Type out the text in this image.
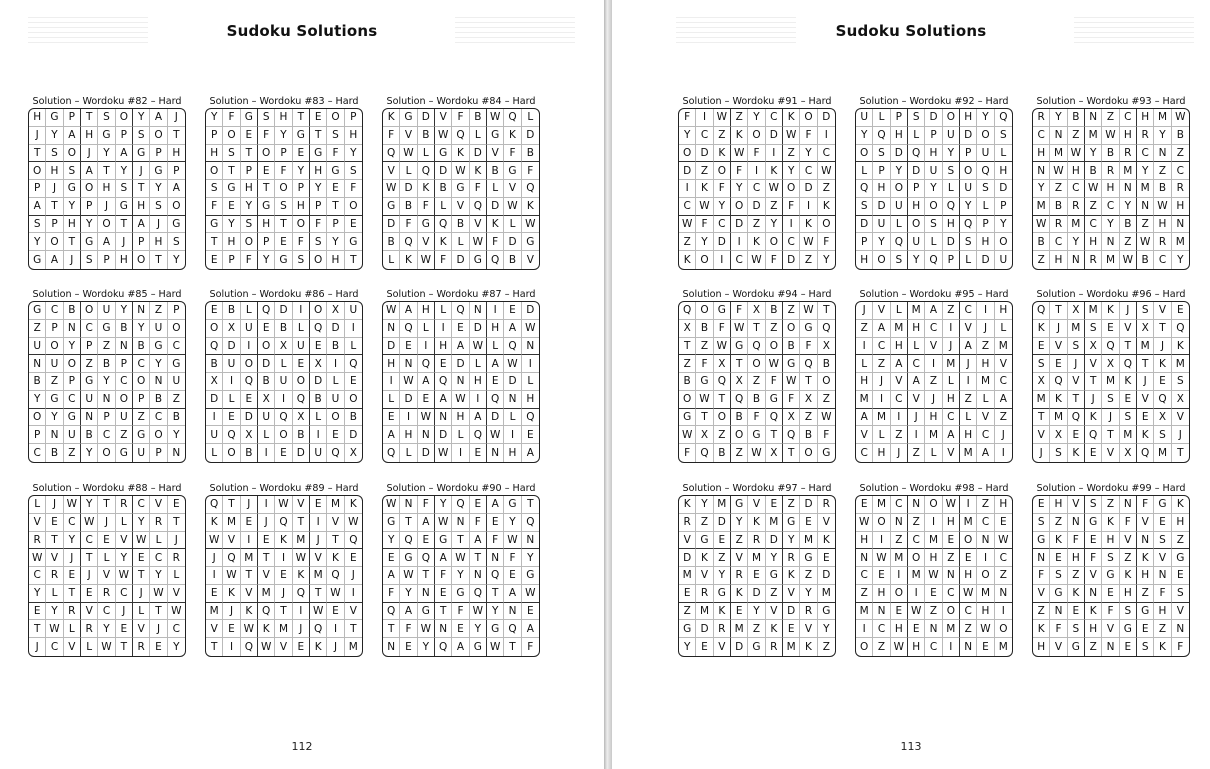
Sudoku Solutions
112
Solution – Wordoku #82 – Hard
H G P	T	S O Y	A	J
J	Y	A H G P	S O T
T	S O	J	Y	A G P	H
O H S A	T	Y	J	G	P
P	J	G O H S	T	Y	A
A	T	Y	P	J	G H S O
S	P H Y O T	A	J	G
Y O T G A	J	P H	S
G A	J	S	P H O T	Y
Solution – Wordoku #83 – Hard
Y	F G S H T	E O	P
P O E	F	Y G T	S	H
H S	T O P	E G F	Y
O T	P	E	F	Y H G S
S G H T O P	Y	E	F
F	E	Y G S H P	T O
G Y	S H T O F	P	E
T H O P	E	F	S	Y	G
E	P	F	Y G S O H	T
Solution – Wordoku #84 – Hard
K G D V	F	B W Q	L
F	V B W Q L G K D
Q W L G K D V	F	B
V	L Q D W K B G	F
W D K B G F	L	V Q
G B	F	L	V Q D W K
D F G Q B V K	L W
B Q V K	L W F D G
L	K W F D G Q B	V
Solution – Wordoku #85 – Hard
G C B O U Y N Z	P
Z	P N C G B	Y U O
U O Y	P	Z N B G C
N U O Z B	P C Y	G
B Z	P G Y C O N U
Y G C U N O P	B	Z
O Y G N P U Z C	B
P N U B C Z G O Y
C B Z	Y O G U P	N
Solution – Wordoku #86 – Hard
E B	L Q D	I	O X U
O X U E B	L Q D	I
Q D	I	O X U E B	L
B U O D L	E X	I	Q
X	I	Q B U O D L	E
D L	E X	I	Q B U O
I	E D U Q X	L O B
U Q X	L O B	I	E D
L O B	I	E D U Q X
Solution – Wordoku #87 – Hard
W A H L Q N	I	E D
N Q L	I	E D H A W
D E	I	H A W L Q N
H N Q E D L	A W	I
I	W A Q N H E D	L
L D E A W	I	Q N H
E	I	W N H A D L	Q
A H N D L Q W	I	E
Q L D W	I	E N H A
Solution – Wordoku #88 – Hard
L	J	W Y	T R C V	E
V E C W	J	L	Y R	T
R T	Y C E V W L	J
W V	J	T	L	Y	E C	R
C R E	J	V W T	Y	L
Y	L	T	E R C	J	W V
E	Y R V C	J	L	T W
T W L	R Y	E V	J	C
J	C V	L W T R E	Y
Solution – Wordoku #89 – Hard
Q T	J	I	W V E M K
K M E	J	Q T	I	V W
W V	I	E	K M	J	T Q
J	Q M T	I	W V K	E
I	W T	V E	K M Q	J
E	K V M	J	Q T W	I
M	J	K Q T	I	W E	V
V E W K M	J	Q	I	T
T	I	Q W V E	K	J	M
Solution – Wordoku #90 – Hard
W N F	Y Q E A G	T
G T	A W N F	E	Y Q
Y Q E G T	A	F W N
E G Q A W T N F	Y
A W T	F	Y N Q E G
F	Y N E G Q T	A W
Q A G T	F W Y N	E
T	F W N E	Y G Q A
N E	Y Q A G W T	F
Sudoku Solutions
113
Solution – Wordoku #91 – Hard
F	I	W Z	Y C K O D
Y C Z K O D W F	I
O D K W F	I	Z	Y	C
D Z O F	I	K	Y C W
I	K	F	Y C W O D Z
C W Y O D Z	F	I	K
W F	C D Z	Y	I	K O
Z	Y D	I	K O C W F
K O	I	C W F D Z	Y
Solution – Wordoku #92 – Hard
U	L	P	S D O H Y Q
Y Q H L	P U D O S
O S D Q H Y	P U	L
L	P	Y D U S O Q H
Q H O P	Y	L	U S D
S D U H O Q Y	L	P
D U	L O S H Q P	Y
P	Y Q U	L D S H O
H O S	Y Q P	L D U
Solution – Wordoku #93 – Hard
R Y	B N Z C H M W
C N Z M W H R Y	B
H M W Y	B R C N Z
N W H B R M Y	Z	C
Y	Z C W H N M B	R
M B R Z C Y N W H
W R M C Y	B Z H N
B C Y H N Z W R M
Z H N R M W B C	Y
Solution – Wordoku #94 – Hard
Q O G F	X B Z W T
X B	F W T	Z O G Q
T	Z W G Q O B	F	X
Z	F	X	T O W G Q B
B G Q X Z	F W T O
O W T Q B G F	X	Z
G T O B	F Q X Z W
W X Z O G T Q B	F
F Q B Z W X	T O G
Solution – Wordoku #95 – Hard
J	V	L M A Z C	I	H
Z A M H C	I	V	J	L
I	C H L	V	J	A Z M
L	Z A C	I	M	J	H V
H	J	V A Z	L	I	M C
M	I	C V	J	H Z	L	A
A M	I	J	H C	L	V	Z
V	L	Z	I	M A H C	J
C H	J	Z	L	V M A	I
Solution – Wordoku #96 – Hard
Q T	X M K	J	S V	E
K	J	M S	E V X	T Q
E V S X Q T M	J	K
S	E	J	V X Q T	K M
X Q V	T M K	J	E	S
M K	T	J	S	E V Q X
T M Q K	J	S	E X	V
V X E Q T M K	S	J
J	S	K	E V X Q M T
Solution – Wordoku #97 – Hard
K	Y M G V E Z D R
R Z D Y	K M G E	V
V G E Z R D Y M K
D K Z V M Y R G E
M V	Y R E G K Z D
E R G K D Z V	Y M
Z M K	E	Y	V D R G
G D R M Z K	E V	Y
Y	E V D G R M K	Z
Solution – Wordoku #98 – Hard
E M C N O W	I	Z H
W O N Z	I	H M C	E
H	I	Z C M E O N W
N W M O H Z E	I	C
C E	I	M W N H O Z
Z H O	I	E C W M N
M N E W Z O C H	I
I	C H E N M Z W O
O Z W H C	I	N E M
Solution – Wordoku #99 – Hard
E H V S Z N F G K
S Z N G K	F	V E	H
G K	F	E H V N S	Z
N E H F	S Z K V G
F	S Z V G K H N	E
V G K N E H Z	F	S
Z N E	K	F	S G H V
K	F	S H V G E Z N
H V G Z N E	S	K	F
